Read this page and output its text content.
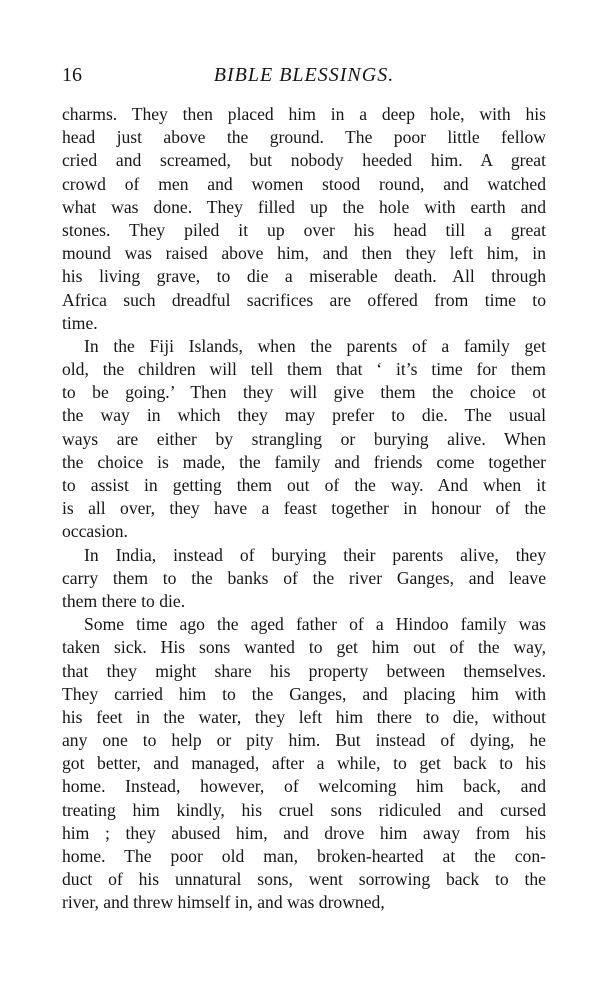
16	BIBLE BLESSINGS.

charms. They then placed him in a deep hole, with his
head just above the ground. The poor little fellow
cried and screamed, but nobody heeded him. A great
crowd of men and women stood round, and watched
what was done. They filled up the hole with earth and
stones. They piled it up over his head till a great
mound was raised above him, and then they left him, in
his living grave, to die a miserable death. All through
Africa such dreadful sacrifices are offered from time to
time.

In the Fiji Islands, when the parents of a family get
old, the children will tell them that ‘ it’s time for them
to be going.’ Then they will give them the choice ot
the way in which they may prefer to die. The usual
ways are either by strangling or burying alive. When
the choice is made, the family and friends come together
to assist in getting them out of the way. And when it
is all over, they have a feast together in honour of the
occasion.

In India, instead of burying their parents alive, they
carry them to the banks of the river Ganges, and leave
them there to die.

Some time ago the aged father of a Hindoo family was
taken sick. His sons wanted to get him out of the way,
that they might share his property between themselves.
They carried him to the Ganges, and placing him with
his feet in the water, they left him there to die, without
any one to help or pity him. But instead of dying, he
got better, and managed, after a while, to get back to his
home. Instead, however, of welcoming him back, and
treating him kindly, his cruel sons ridiculed and cursed
him ; they abused him, and drove him away from his
home. The poor old man, broken-hearted at the con-
duct of his unnatural sons, went sorrowing back to the
river, and threw himself in, and was drowned,
